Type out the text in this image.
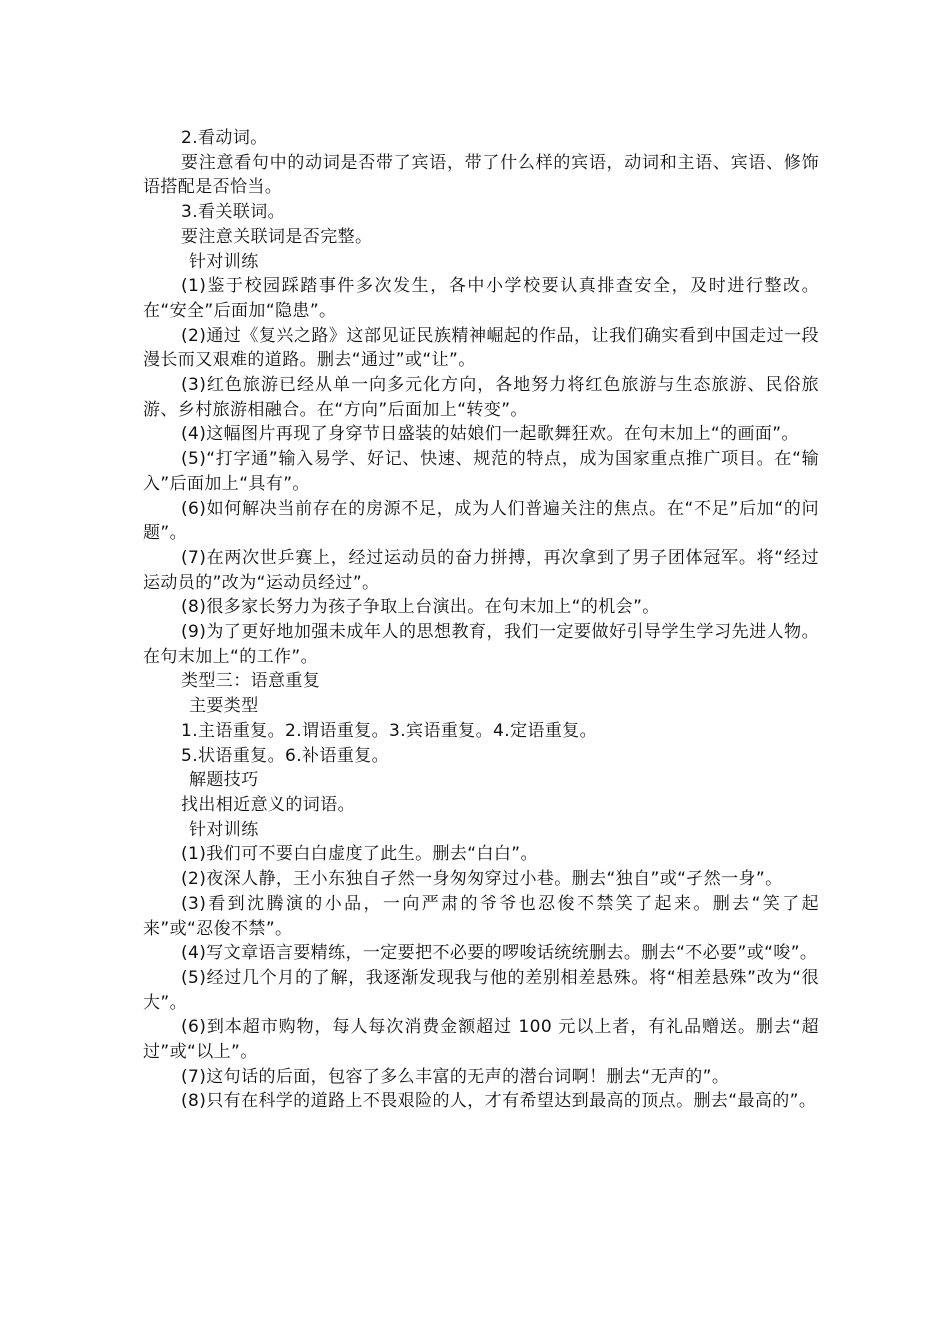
2.看动词。

要注意看句中的动词是否带了宾语，带了什么样的宾语，动词和主语、宾语、修饰语搭配是否恰当。

3.看关联词。

要注意关联词是否完整。

针对训练

(1)鉴于校园踩踏事件多次发生，各中小学校要认真排查安全，及时进行整改。在“安全”后面加“隐患”。

(2)通过《复兴之路》这部见证民族精神崛起的作品，让我们确实看到中国走过一段漫长而又艰难的道路。删去“通过”或“让”。

(3)红色旅游已经从单一向多元化方向，各地努力将红色旅游与生态旅游、民俗旅游、乡村旅游相融合。在“方向”后面加上“转变”。

(4)这幅图片再现了身穿节日盛装的姑娘们一起歌舞狂欢。在句末加上“的画面”。

(5)“打字通”输入易学、好记、快速、规范的特点，成为国家重点推广项目。在“输入”后面加上“具有”。

(6)如何解决当前存在的房源不足，成为人们普遍关注的焦点。在“不足”后加“的问题”。

(7)在两次世乒赛上，经过运动员的奋力拼搏，再次拿到了男子团体冠军。将“经过运动员的”改为“运动员经过”。

(8)很多家长努力为孩子争取上台演出。在句末加上“的机会”。

(9)为了更好地加强未成年人的思想教育，我们一定要做好引导学生学习先进人物。在句末加上“的工作”。

类型三：语意重复

主要类型

1.主语重复。2.谓语重复。3.宾语重复。4.定语重复。

5.状语重复。6.补语重复。

解题技巧

找出相近意义的词语。

针对训练

(1)我们可不要白白虚度了此生。删去“白白”。

(2)夜深人静，王小东独自孑然一身匆匆穿过小巷。删去“独自”或“孑然一身”。

(3)看到沈腾演的小品，一向严肃的爷爷也忍俊不禁笑了起来。删去“笑了起来”或“忍俊不禁”。

(4)写文章语言要精练，一定要把不必要的啰唆话统统删去。删去“不必要”或“唆”。

(5)经过几个月的了解，我逐渐发现我与他的差别相差悬殊。将“相差悬殊”改为“很大”。

(6)到本超市购物，每人每次消费金额超过 100 元以上者，有礼品赠送。删去“超过”或“以上”。

(7)这句话的后面，包容了多么丰富的无声的潜台词啊！删去“无声的”。

(8)只有在科学的道路上不畏艰险的人，才有希望达到最高的顶点。删去“最高的”。
